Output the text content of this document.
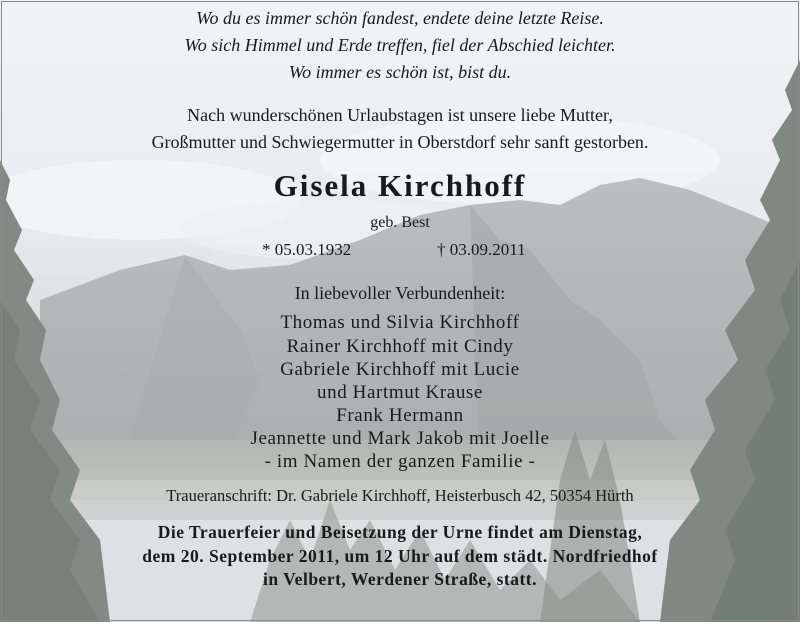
Wo du es immer schön fandest, endete deine letzte Reise.
Wo sich Himmel und Erde treffen, fiel der Abschied leichter.
Wo immer es schön ist, bist du.
Nach wunderschönen Urlaubstagen ist unsere liebe Mutter,
Großmutter und Schwiegermutter in Oberstdorf sehr sanft gestorben.
Gisela Kirchhoff
geb. Best
* 05.03.1932	† 03.09.2011
In liebevoller Verbundenheit:
Thomas und Silvia Kirchhoff
Rainer Kirchhoff mit Cindy
Gabriele Kirchhoff mit Lucie
und Hartmut Krause
Frank Hermann
Jeannette und Mark Jakob mit Joelle
- im Namen der ganzen Familie -
Traueranschrift: Dr. Gabriele Kirchhoff, Heisterbusch 42, 50354 Hürth
Die Trauerfeier und Beisetzung der Urne findet am Dienstag,
dem 20. September 2011, um 12 Uhr auf dem städt. Nordfriedhof
in Velbert, Werdener Straße, statt.
